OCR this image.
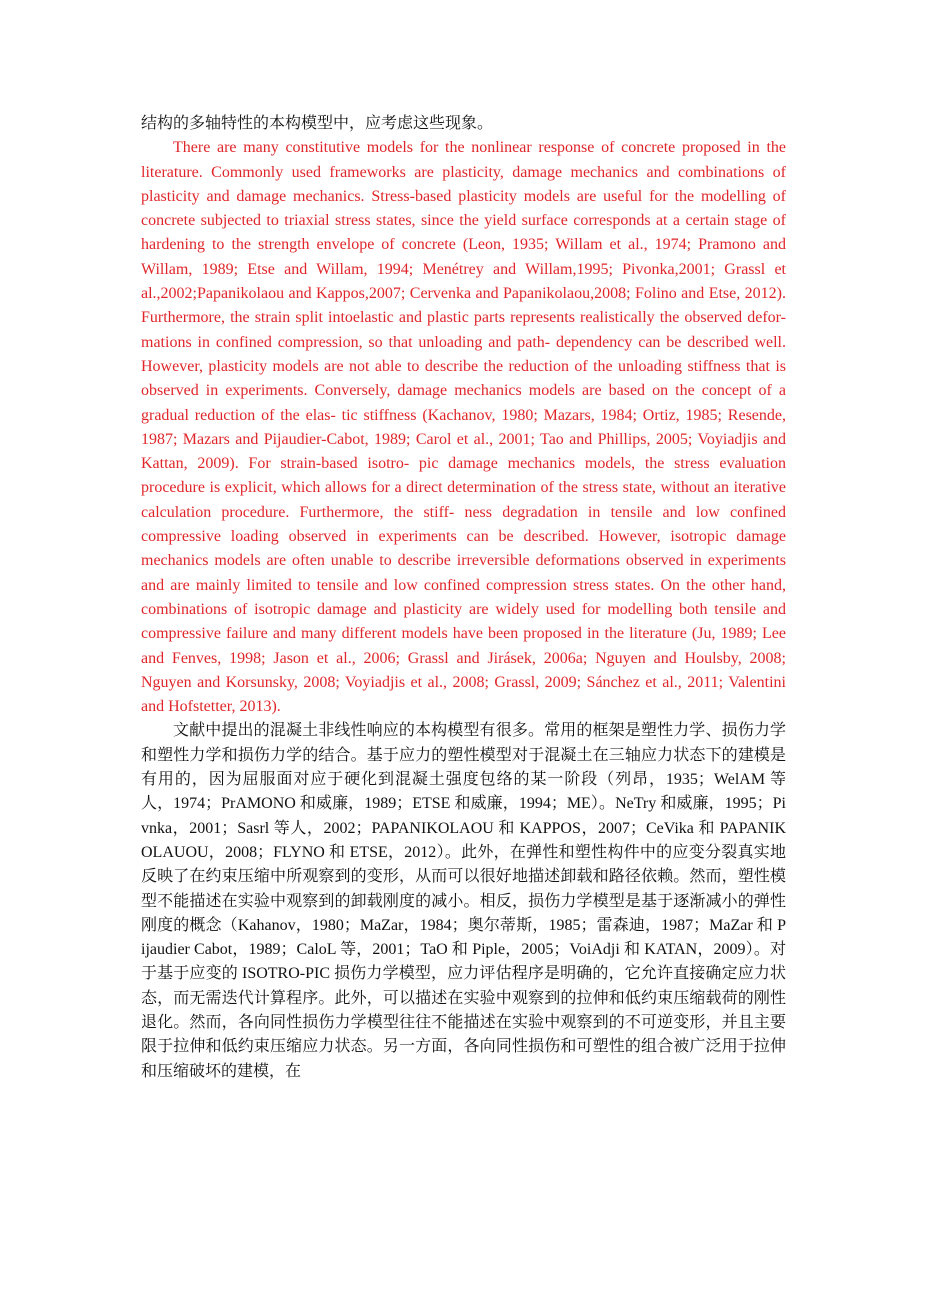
结构的多轴特性的本构模型中，应考虑这些现象。

There are many constitutive models for the nonlinear response of concrete proposed in the literature. Commonly used frameworks are plasticity, damage mechanics and combinations of plasticity and damage mechanics. Stress-based plasticity models are useful for the modelling of concrete subjected to triaxial stress states, since the yield surface corresponds at a certain stage of hardening to the strength envelope of concrete (Leon, 1935; Willam et al., 1974; Pramono and Willam, 1989; Etse and Willam, 1994; Menétrey and Willam,1995; Pivonka,2001; Grassl et al.,2002;Papanikolaou and Kappos,2007; Cervenka and Papanikolaou,2008; Folino and Etse, 2012). Furthermore, the strain split intoelastic and plastic parts represents realistically the observed defor- mations in confined compression, so that unloading and path- dependency can be described well. However, plasticity models are not able to describe the reduction of the unloading stiffness that is observed in experiments. Conversely, damage mechanics models are based on the concept of a gradual reduction of the elas- tic stiffness (Kachanov, 1980; Mazars, 1984; Ortiz, 1985; Resende, 1987; Mazars and Pijaudier-Cabot, 1989; Carol et al., 2001; Tao and Phillips, 2005; Voyiadjis and Kattan, 2009). For strain-based isotro- pic damage mechanics models, the stress evaluation procedure is explicit, which allows for a direct determination of the stress state, without an iterative calculation procedure. Furthermore, the stiff- ness degradation in tensile and low confined compressive loading observed in experiments can be described. However, isotropic damage mechanics models are often unable to describe irreversible deformations observed in experiments and are mainly limited to tensile and low confined compression stress states. On the other hand, combinations of isotropic damage and plasticity are widely used for modelling both tensile and compressive failure and many different models have been proposed in the literature (Ju, 1989; Lee and Fenves, 1998; Jason et al., 2006; Grassl and Jirásek, 2006a; Nguyen and Houlsby, 2008; Nguyen and Korsunsky, 2008; Voyiadjis et al., 2008; Grassl, 2009; Sánchez et al., 2011; Valentini and Hofstetter, 2013).

文献中提出的混凝土非线性响应的本构模型有很多。常用的框架是塑性力学、损伤力学和塑性力学和损伤力学的结合。基于应力的塑性模型对于混凝土在三轴应力状态下的建模是有用的，因为屈服面对应于硬化到混凝土强度包络的某一阶段（列昂，1935；WelAM 等人，1974；PrAMONO 和威廉，1989；ETSE 和威廉，1994；ME）。NeTry 和威廉，1995；Pivnka，2001；Sasrl 等人，2002；PAPANIKOLAOU 和 KAPPOS，2007；CeVika 和 PAPANIKOLAUOU，2008；FLYNO 和 ETSE，2012）。此外，在弹性和塑性构件中的应变分裂真实地反映了在约束压缩中所观察到的变形，从而可以很好地描述卸载和路径依赖。然而，塑性模型不能描述在实验中观察到的卸载刚度的减小。相反，损伤力学模型是基于逐渐减小的弹性刚度的概念（Kahanov，1980；MaZar，1984；奥尔蒂斯，1985；雷森迪，1987；MaZar 和 Pijaudier Cabot，1989；CaloL 等，2001；TaO 和 Piple，2005；VoiAdji 和 KATAN，2009）。对于基于应变的 ISOTRO-PIC 损伤力学模型，应力评估程序是明确的，它允许直接确定应力状态，而无需迭代计算程序。此外，可以描述在实验中观察到的拉伸和低约束压缩载荷的刚性退化。然而，各向同性损伤力学模型往往不能描述在实验中观察到的不可逆变形，并且主要限于拉伸和低约束压缩应力状态。另一方面，各向同性损伤和可塑性的组合被广泛用于拉伸和压缩破坏的建模，在
